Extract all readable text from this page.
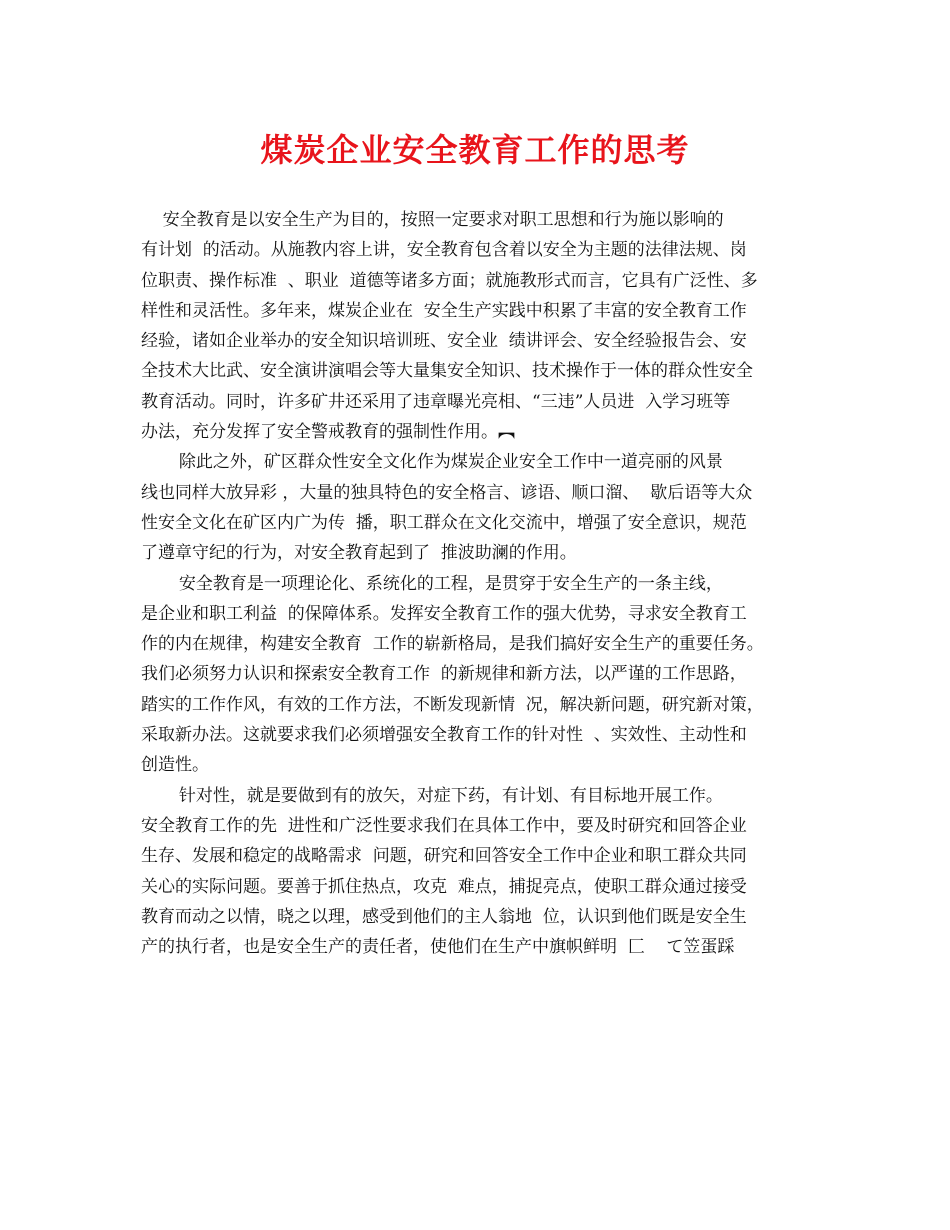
煤炭企业安全教育工作的思考
安全教育是以安全生产为目的，按照一定要求对职工思想和行为施以影响的
有计划  的活动。从施教内容上讲，安全教育包含着以安全为主题的法律法规、岗
位职责、操作标准  、职业  道德等诸多方面；就施教形式而言，它具有广泛性、多
样性和灵活性。多年来，煤炭企业在  安全生产实践中积累了丰富的安全教育工作
经验，诸如企业举办的安全知识培训班、安全业  绩讲评会、安全经验报告会、安
全技术大比武、安全演讲演唱会等大量集安全知识、技术操作于一体的群众性安全
教育活动。同时，许多矿井还采用了违章曝光亮相、“三违”人员进  入学习班等
办法，充分发挥了安全警戒教育的强制性作用。︻
除此之外，矿区群众性安全文化作为煤炭企业安全工作中一道亮丽的风景
线也同样大放异彩 ，大量的独具特色的安全格言、谚语、顺口溜、  歇后语等大众
性安全文化在矿区内广为传  播，职工群众在文化交流中，增强了安全意识，规范
了遵章守纪的行为，对安全教育起到了  推波助澜的作用。
安全教育是一项理论化、系统化的工程，是贯穿于安全生产的一条主线，
是企业和职工利益  的保障体系。发挥安全教育工作的强大优势，寻求安全教育工
作的内在规律，构建安全教育  工作的崭新格局，是我们搞好安全生产的重要任务。
我们必须努力认识和探索安全教育工作  的新规律和新方法，以严谨的工作思路，
踏实的工作作风，有效的工作方法，不断发现新情  况，解决新问题，研究新对策，
采取新办法。这就要求我们必须增强安全教育工作的针对性  、实效性、主动性和
创造性。
针对性，就是要做到有的放矢，对症下药，有计划、有目标地开展工作。
安全教育工作的先  进性和广泛性要求我们在具体工作中，要及时研究和回答企业
生存、发展和稳定的战略需求  问题，研究和回答安全工作中企业和职工群众共同
关心的实际问题。要善于抓住热点，攻克  难点，捕捉亮点，使职工群众通过接受
教育而动之以情，晓之以理，感受到他们的主人翁地  位，认识到他们既是安全生
产的执行者，也是安全生产的责任者，使他们在生产中旗帜鲜明  匚    て笠蛋踩
